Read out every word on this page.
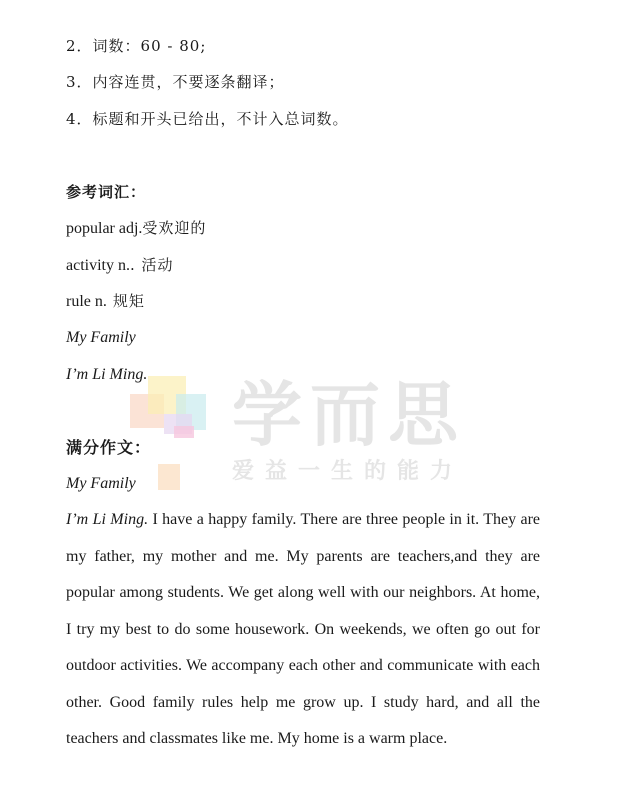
2．词数：60 - 80;
3．内容连贯，不要逐条翻译；
4．标题和开头已给出，不计入总词数。
参考词汇：
popular adj.受欢迎的
activity n.. 活动
rule n. 规矩
My Family
I’m Li Ming. 学而思
爱益一生的能力
满分作文：
My Family
I’m Li Ming. I have a happy family. There are three people in it. They are my father, my mother and me. My parents are teachers,and they are popular among students. We get along well with our neighbors. At home, I try my best to do some housework. On weekends, we often go out for outdoor activities. We accompany each other and communicate with each other. Good family rules help me grow up. I study hard, and all the teachers and classmates like me. My home is a warm place.
